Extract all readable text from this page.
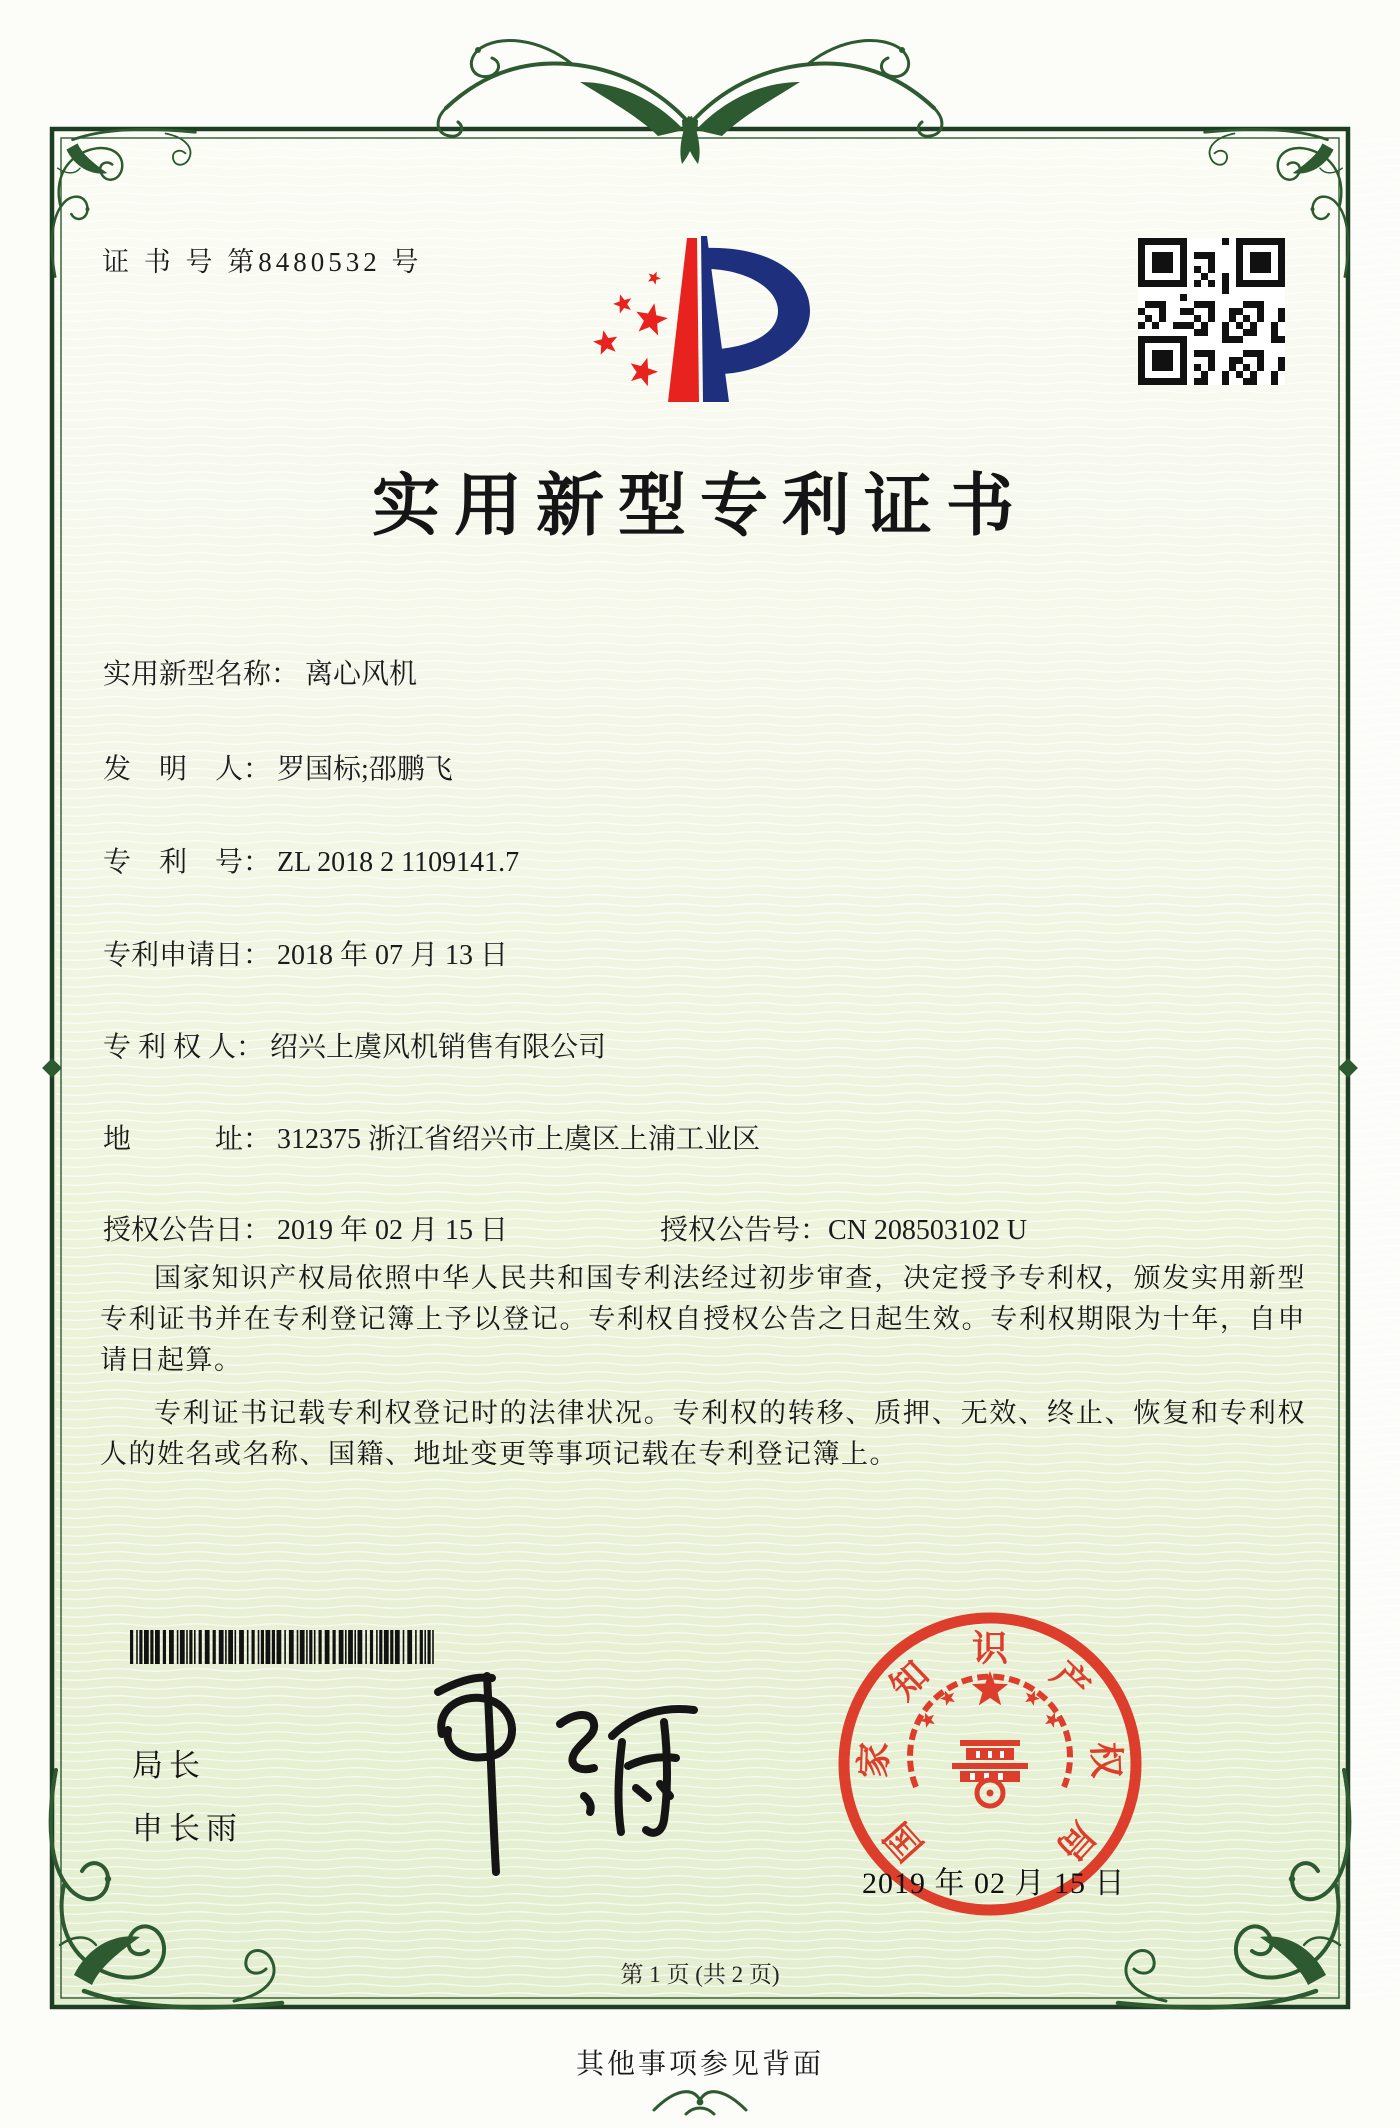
证 书 号 第8480532 号
实用新型专利证书
实用新型名称： 离心风机
发　明　人： 罗国标;邵鹏飞
专　利　号： ZL 2018 2 1109141.7
专利申请日： 2018 年 07 月 13 日
专 利 权 人： 绍兴上虞风机销售有限公司
地　　　址： 312375 浙江省绍兴市上虞区上浦工业区
授权公告日： 2019 年 02 月 15 日	授权公告号：CN 208503102 U

国家知识产权局依照中华人民共和国专利法经过初步审查，决定授予专利权，颁发实用新型专利证书并在专利登记簿上予以登记。专利权自授权公告之日起生效。专利权期限为十年，自申请日起算。

专利证书记载专利权登记时的法律状况。专利权的转移、质押、无效、终止、恢复和专利权人的姓名或名称、国籍、地址变更等事项记载在专利登记簿上。

局长
申长雨	国
家
知
识
产
权
局
2019 年 02 月 15 日
第 1 页 (共 2 页)
其他事项参见背面
